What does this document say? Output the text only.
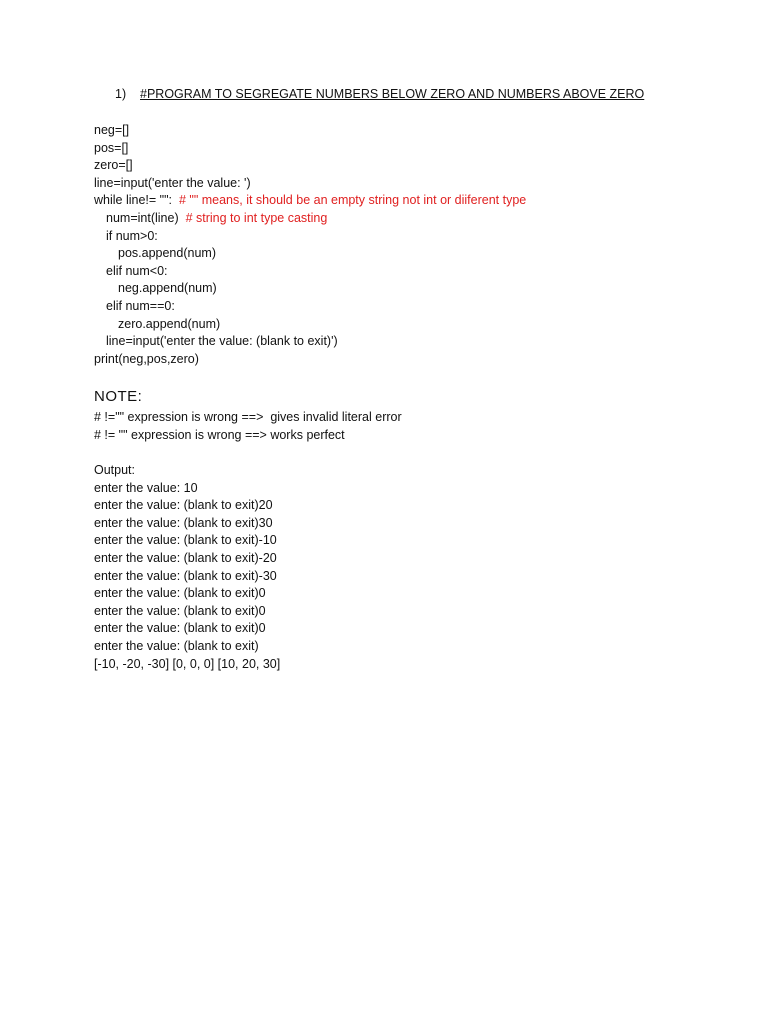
1) #PROGRAM TO SEGREGATE NUMBERS BELOW ZERO AND NUMBERS ABOVE ZERO
neg=[]
pos=[]
zero=[]
line=input('enter the value: ')
while line!= "":  # "" means, it should be an empty string not int or diiferent type
num=int(line)  # string to int type casting
if num>0:
pos.append(num)
elif num<0:
neg.append(num)
elif num==0:
zero.append(num)
line=input('enter the value: (blank to exit)')
print(neg,pos,zero)
NOTE:
# !="" expression is wrong ==>  gives invalid literal error
# != "" expression is wrong ==> works perfect
Output:
enter the value: 10
enter the value: (blank to exit)20
enter the value: (blank to exit)30
enter the value: (blank to exit)-10
enter the value: (blank to exit)-20
enter the value: (blank to exit)-30
enter the value: (blank to exit)0
enter the value: (blank to exit)0
enter the value: (blank to exit)0
enter the value: (blank to exit)
[-10, -20, -30] [0, 0, 0] [10, 20, 30]
